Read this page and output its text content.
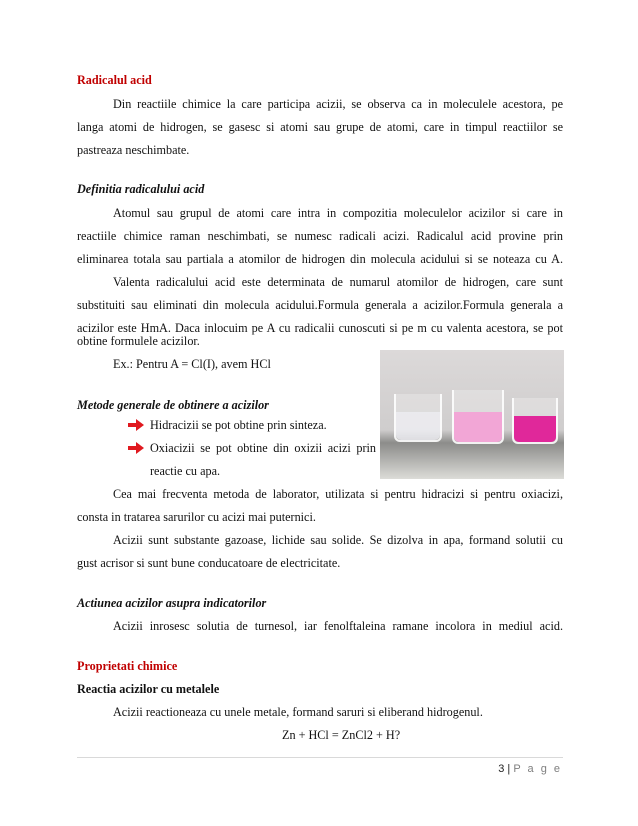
Radicalul acid
Din reactiile chimice la care participa acizii, se observa ca in moleculele acestora, pe
langa atomi de hidrogen, se gasesc si atomi sau grupe de atomi, care in timpul reactiilor se
pastreaza neschimbate.
Definitia radicalului acid
Atomul sau grupul de atomi care intra in compozitia moleculelor acizilor si care in
reactiile chimice raman neschimbati, se numesc radicali acizi. Radicalul acid provine prin
eliminarea totala sau partiala a atomilor de hidrogen din molecula acidului si se noteaza cu A.
Valenta radicalului acid este determinata de numarul atomilor de hidrogen, care sunt
substituiti sau eliminati din molecula acidului.Formula generala a acizilor.Formula generala a
acizilor este HmA. Daca inlocuim pe A cu radicalii cunoscuti si pe m cu valenta acestora, se pot
obtine formulele acizilor.
Ex.: Pentru A = Cl(I), avem HCl
Metode generale de obtinere a acizilor
Hidracizii se pot obtine prin sinteza.
Oxiacizii se pot obtine din oxizii acizi prin
reactie cu apa.
Cea mai frecventa metoda de laborator, utilizata si pentru hidracizi si pentru oxiacizi,
consta in tratarea sarurilor cu acizi mai puternici.
Acizii sunt substante gazoase, lichide sau solide. Se dizolva in apa, formand solutii cu
gust acrisor si sunt bune conducatoare de electricitate.
Actiunea acizilor asupra indicatorilor
Acizii inrosesc solutia de turnesol, iar fenolftaleina ramane incolora in mediul acid.
Proprietati chimice
Reactia acizilor cu metalele
Acizii reactioneaza cu unele metale, formand saruri si eliberand hidrogenul.
Zn + HCl = ZnCl2 + H?
3 | P a g e
